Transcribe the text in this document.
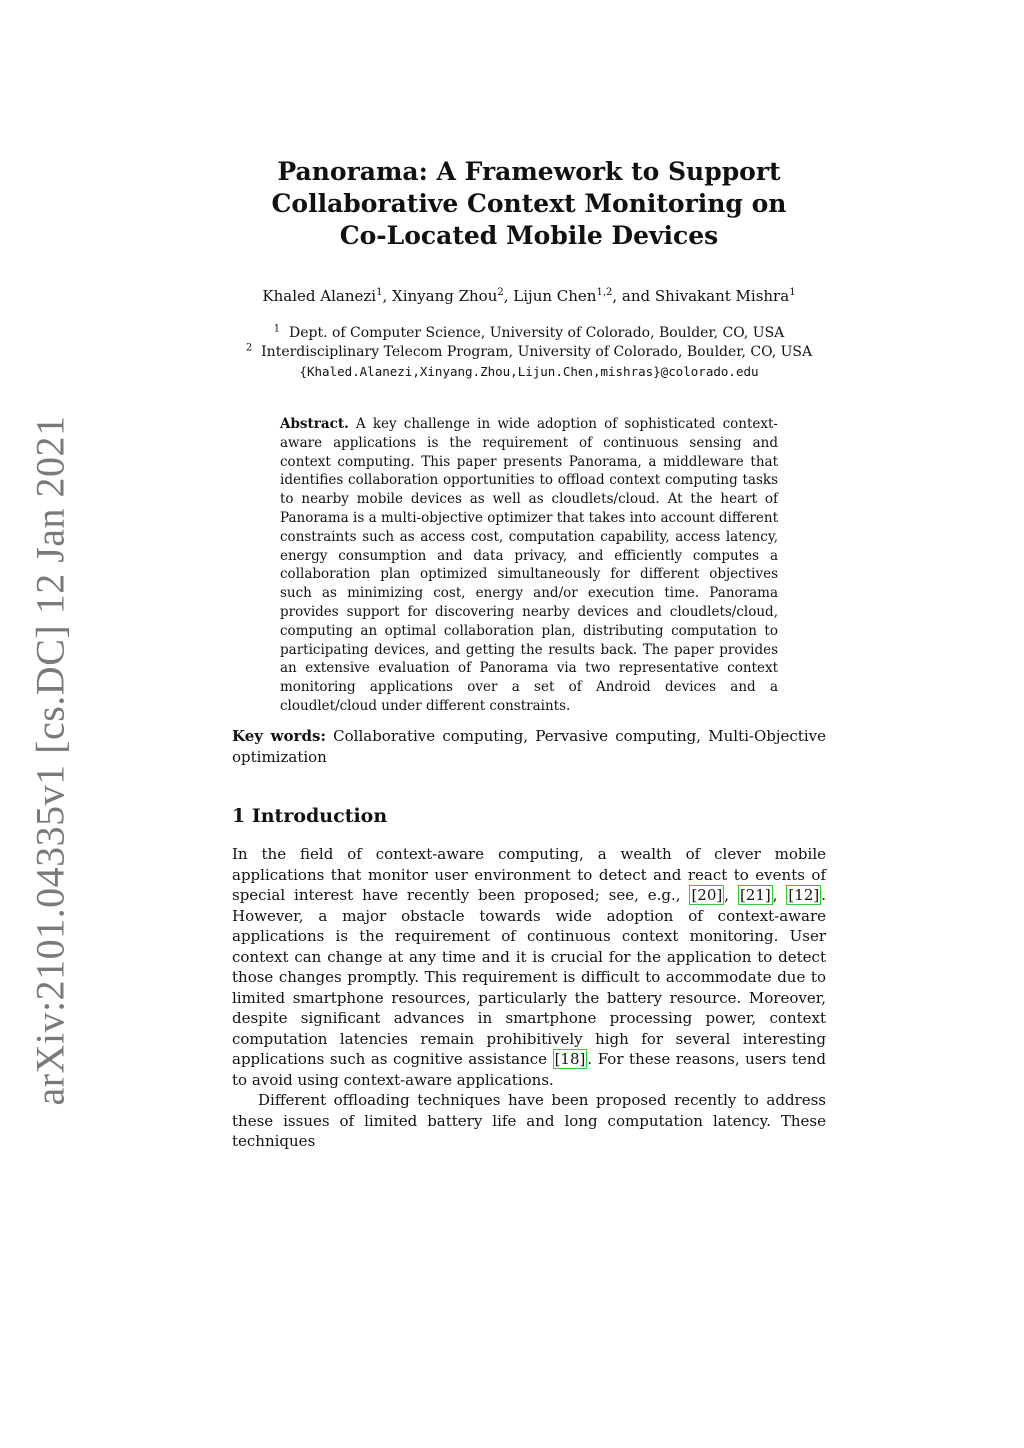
arXiv:2101.04335v1 [cs.DC] 12 Jan 2021
Panorama: A Framework to Support
Collaborative Context Monitoring on
Co-Located Mobile Devices
Khaled Alanezi$^1$, Xinyang Zhou$^2$, Lijun Chen$^{1,2}$, and Shivakant Mishra$^1$
$^1$ Dept. of Computer Science, University of Colorado, Boulder, CO, USA
$^2$ Interdisciplinary Telecom Program, University of Colorado, Boulder, CO, USA
{Khaled.Alanezi,Xinyang.Zhou,Lijun.Chen,mishras}@colorado.edu

Abstract. A key challenge in wide adoption of sophisticated context-aware applications is the requirement of continuous sensing and context computing. This paper presents Panorama, a middleware that identifies collaboration opportunities to offload context computing tasks to nearby mobile devices as well as cloudlets/cloud. At the heart of Panorama is a multi-objective optimizer that takes into account different constraints such as access cost, computation capability, access latency, energy consumption and data privacy, and efficiently computes a collaboration plan optimized simultaneously for different objectives such as minimizing cost, energy and/or execution time. Panorama provides support for discovering nearby devices and cloudlets/cloud, computing an optimal collaboration plan, distributing computation to participating devices, and getting the results back. The paper provides an extensive evaluation of Panorama via two representative context monitoring applications over a set of Android devices and a cloudlet/cloud under different constraints.

Key words: Collaborative computing, Pervasive computing, Multi-Objective optimization

1 Introduction

In the field of context-aware computing, a wealth of clever mobile applications that monitor user environment to detect and react to events of special interest have recently been proposed; see, e.g., [20] , [21] , [12] . However, a major obstacle towards wide adoption of context-aware applications is the requirement of continuous context monitoring. User context can change at any time and it is crucial for the application to detect those changes promptly. This requirement is difficult to accommodate due to limited smartphone resources, particularly the battery resource. Moreover, despite significant advances in smartphone processing power, context computation latencies remain prohibitively high for several interesting applications such as cognitive assistance [18] . For these reasons, users tend to avoid using context-aware applications.

Different offloading techniques have been proposed recently to address these issues of limited battery life and long computation latency. These techniques
